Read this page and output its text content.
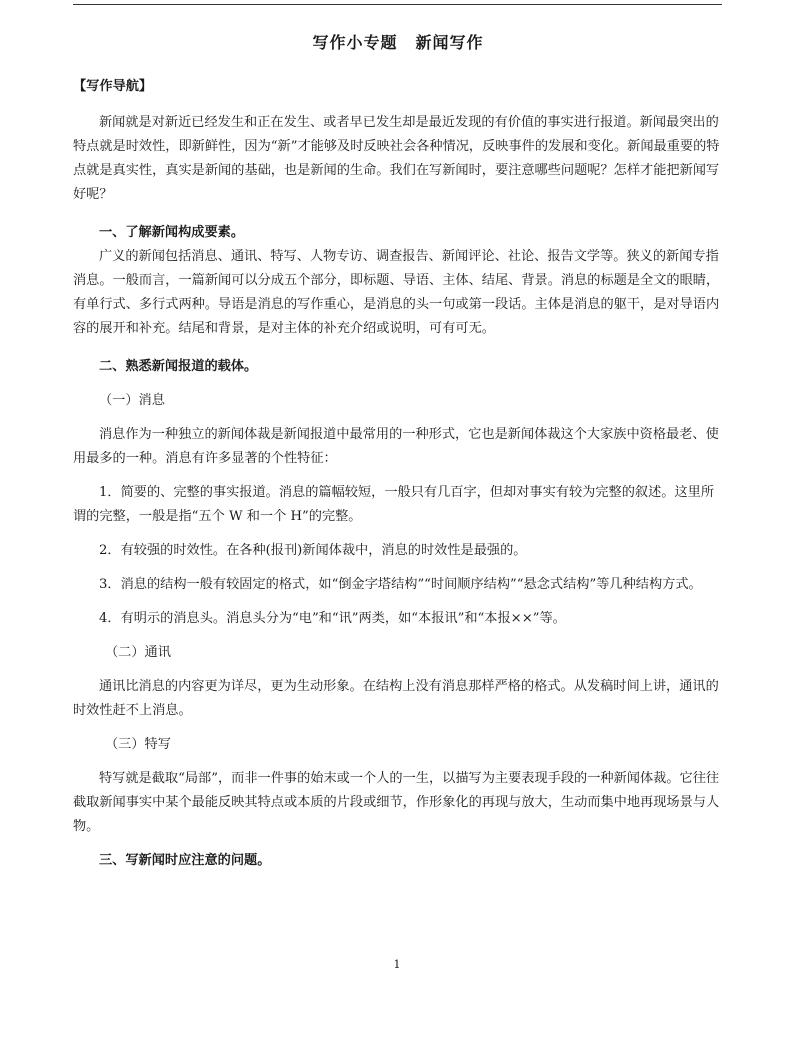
写作小专题 新闻写作

【写作导航】

新闻就是对新近已经发生和正在发生、或者早已发生却是最近发现的有价值的事实进行报道。新闻最突出的特点就是时效性，即新鲜性，因为“新”才能够及时反映社会各种情况，反映事件的发展和变化。新闻最重要的特点就是真实性，真实是新闻的基础，也是新闻的生命。我们在写新闻时，要注意哪些问题呢？怎样才能把新闻写好呢？

一、了解新闻构成要素。

广义的新闻包括消息、通讯、特写、人物专访、调查报告、新闻评论、社论、报告文学等。狭义的新闻专指消息。一般而言，一篇新闻可以分成五个部分，即标题、导语、主体、结尾、背景。消息的标题是全文的眼睛，有单行式、多行式两种。导语是消息的写作重心，是消息的头一句或第一段话。主体是消息的躯干，是对导语内容的展开和补充。结尾和背景，是对主体的补充介绍或说明，可有可无。

二、熟悉新闻报道的载体。

（一）消息

消息作为一种独立的新闻体裁是新闻报道中最常用的一种形式，它也是新闻体裁这个大家族中资格最老、使用最多的一种。消息有许多显著的个性特征：

1．简要的、完整的事实报道。消息的篇幅较短，一般只有几百字，但却对事实有较为完整的叙述。这里所谓的完整，一般是指“五个 W 和一个 H”的完整。

2．有较强的时效性。在各种(报刊)新闻体裁中，消息的时效性是最强的。

3．消息的结构一般有较固定的格式，如“倒金字塔结构”“时间顺序结构”“悬念式结构”等几种结构方式。

4．有明示的消息头。消息头分为“电”和“讯”两类，如“本报讯”和“本报××”等。

（二）通讯

通讯比消息的内容更为详尽，更为生动形象。在结构上没有消息那样严格的格式。从发稿时间上讲，通讯的时效性赶不上消息。

（三）特写

特写就是截取“局部”，而非一件事的始末或一个人的一生，以描写为主要表现手段的一种新闻体裁。它往往截取新闻事实中某个最能反映其特点或本质的片段或细节，作形象化的再现与放大，生动而集中地再现场景与人物。

三、写新闻时应注意的问题。

1
